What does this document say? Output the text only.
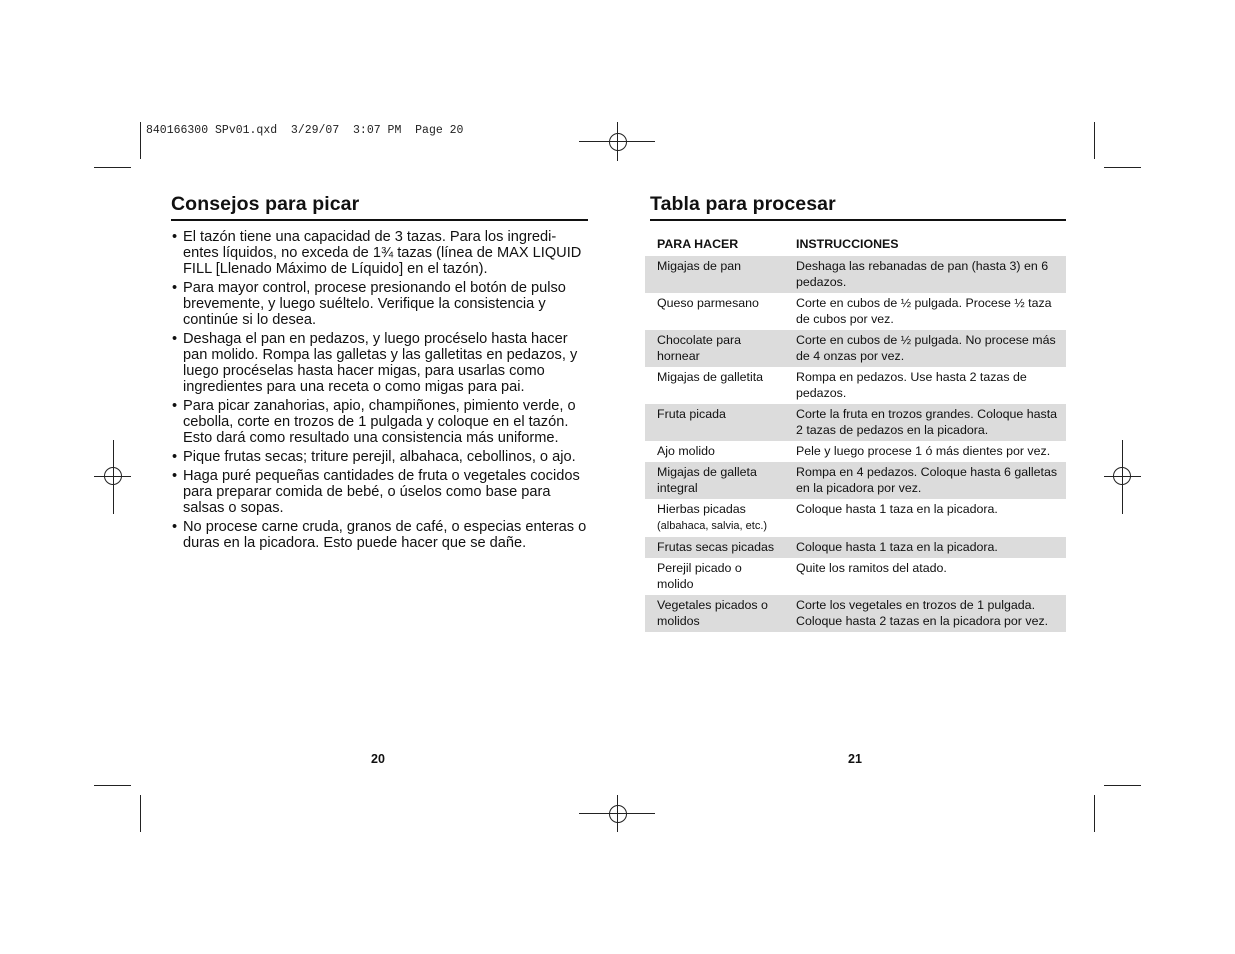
840166300 SPv01.qxd  3/29/07  3:07 PM  Page 20
Consejos para picar
• El tazón tiene una capacidad de 3 tazas. Para los ingredi-entes líquidos, no exceda de 1¾ tazas (línea de MAX LIQUID FILL [Llenado Máximo de Líquido] en el tazón).
• Para mayor control, procese presionando el botón de pulso brevemente, y luego suéltelo. Verifique la consistencia y continúe si lo desea.
• Deshaga el pan en pedazos, y luego procéselo hasta hacer pan molido. Rompa las galletas y las galletitas en pedazos, y luego procéselas hasta hacer migas, para usarlas como ingredientes para una receta o como migas para pai.
• Para picar zanahorias, apio, champiñones, pimiento verde, o cebolla, corte en trozos de 1 pulgada y coloque en el tazón. Esto dará como resultado una consistencia más uniforme.
• Pique frutas secas; triture perejil, albahaca, cebollinos, o ajo.
• Haga puré pequeñas cantidades de fruta o vegetales cocidos para preparar comida de bebé, o úselos como base para salsas o sopas.
• No procese carne cruda, granos de café, o especias enteras o duras en la picadora. Esto puede hacer que se dañe.
20
Tabla para procesar
PARA HACER	INSTRUCCIONES
Migajas de pan	Deshaga las rebanadas de pan (hasta 3) en 6 pedazos.
Queso parmesano	Corte en cubos de ½ pulgada. Procese ½ taza de cubos por vez.
Chocolate para hornear	Corte en cubos de ½ pulgada. No procese más de 4 onzas por vez.
Migajas de galletita	Rompa en pedazos. Use hasta 2 tazas de pedazos.
Fruta picada	Corte la fruta en trozos grandes. Coloque hasta 2 tazas de pedazos en la picadora.
Ajo molido	Pele y luego procese 1 ó más dientes por vez.
Migajas de galleta integral	Rompa en 4 pedazos. Coloque hasta 6 galletas en la picadora por vez.
Hierbas picadas
(albahaca, salvia, etc.)	Coloque hasta 1 taza en la picadora.
Frutas secas picadas	Coloque hasta 1 taza en la picadora.
Perejil picado o molido	Quite los ramitos del atado.
Vegetales picados o molidos	Corte los vegetales en trozos de 1 pulgada. Coloque hasta 2 tazas en la picadora por vez.
21
